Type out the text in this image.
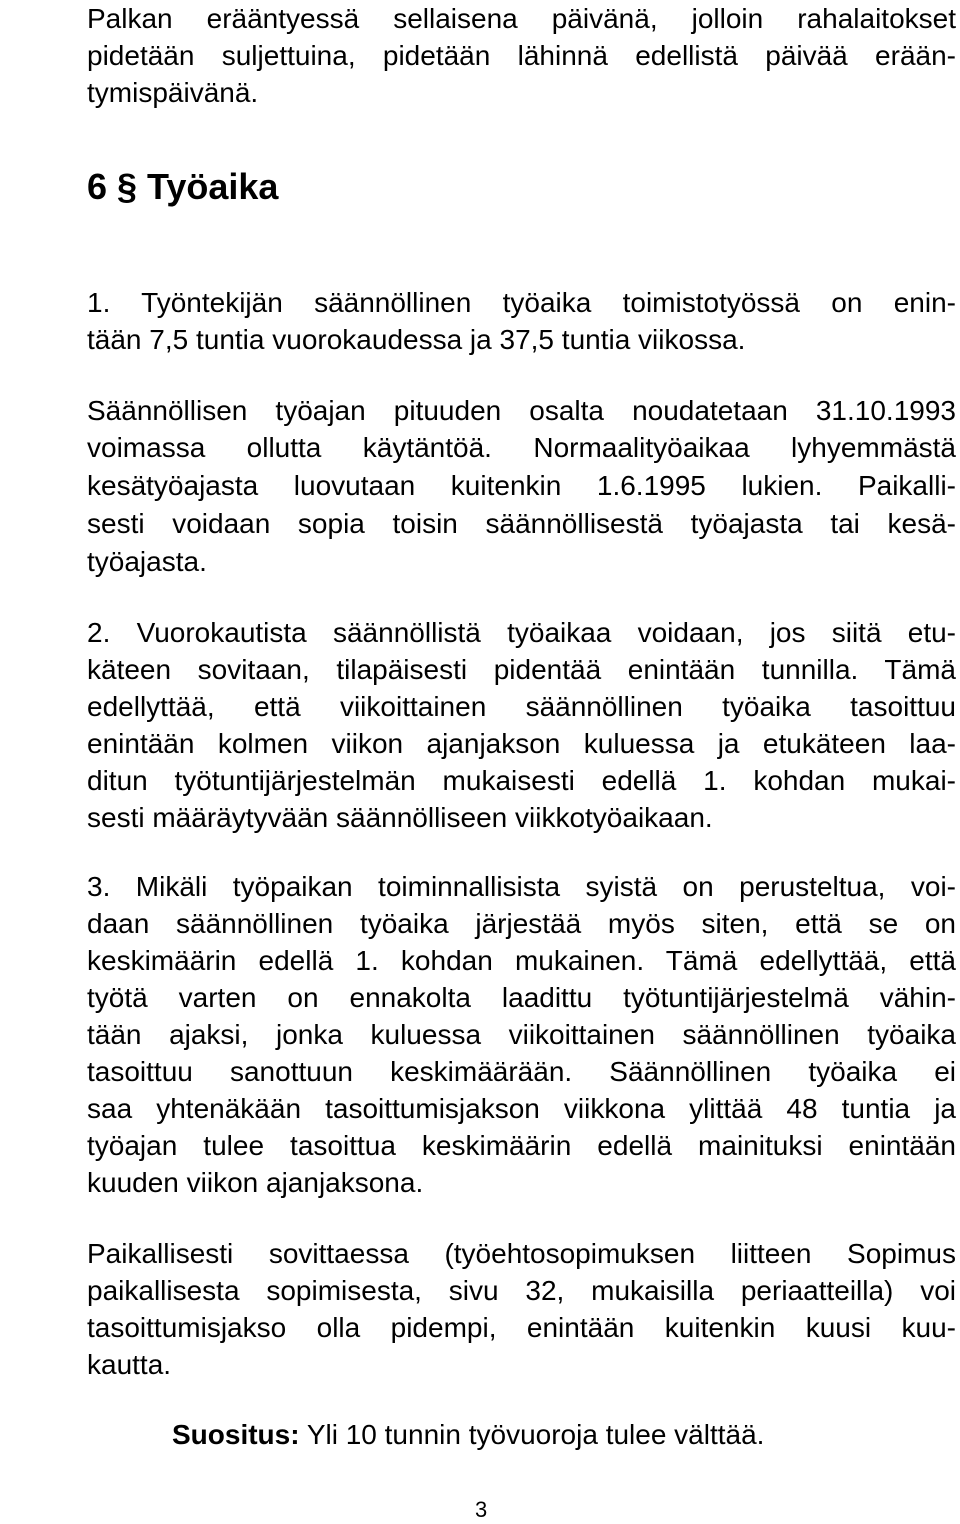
Palkan erääntyessä sellaisena päivänä, jolloin rahalaitokset
pidetään suljettuina, pidetään lähinnä edellistä päivää erään-
tymispäivänä.
6 § Työaika
1. Työntekijän säännöllinen työaika toimistotyössä on enin-
tään 7,5 tuntia vuorokaudessa ja 37,5 tuntia viikossa.
Säännöllisen työajan pituuden osalta noudatetaan 31.10.1993
voimassa ollutta käytäntöä. Normaalityöaikaa lyhyemmästä
kesätyöajasta luovutaan kuitenkin 1.6.1995 lukien. Paikalli-
sesti voidaan sopia toisin säännöllisestä työajasta tai kesä-
työajasta.
2. Vuorokautista säännöllistä työaikaa voidaan, jos siitä etu-
käteen sovitaan, tilapäisesti pidentää enintään tunnilla. Tämä
edellyttää, että viikoittainen säännöllinen työaika tasoittuu
enintään kolmen viikon ajanjakson kuluessa ja etukäteen laa-
ditun työtuntijärjestelmän mukaisesti edellä 1. kohdan mukai-
sesti määräytyvään säännölliseen viikkotyöaikaan.
3. Mikäli työpaikan toiminnallisista syistä on perusteltua, voi-
daan säännöllinen työaika järjestää myös siten, että se on
keskimäärin edellä 1. kohdan mukainen. Tämä edellyttää, että
työtä varten on ennakolta laadittu työtuntijärjestelmä vähin-
tään ajaksi, jonka kuluessa viikoittainen säännöllinen työaika
tasoittuu sanottuun keskimäärään. Säännöllinen työaika ei
saa yhtenäkään tasoittumisjakson viikkona ylittää 48 tuntia ja
työajan tulee tasoittua keskimäärin edellä mainituksi enintään
kuuden viikon ajanjaksona.
Paikallisesti sovittaessa (työehtosopimuksen liitteen Sopimus
paikallisesta sopimisesta, sivu 32, mukaisilla periaatteilla) voi
tasoittumisjakso olla pidempi, enintään kuitenkin kuusi kuu-
kautta.
Suositus: Yli 10 tunnin työvuoroja tulee välttää.
3
